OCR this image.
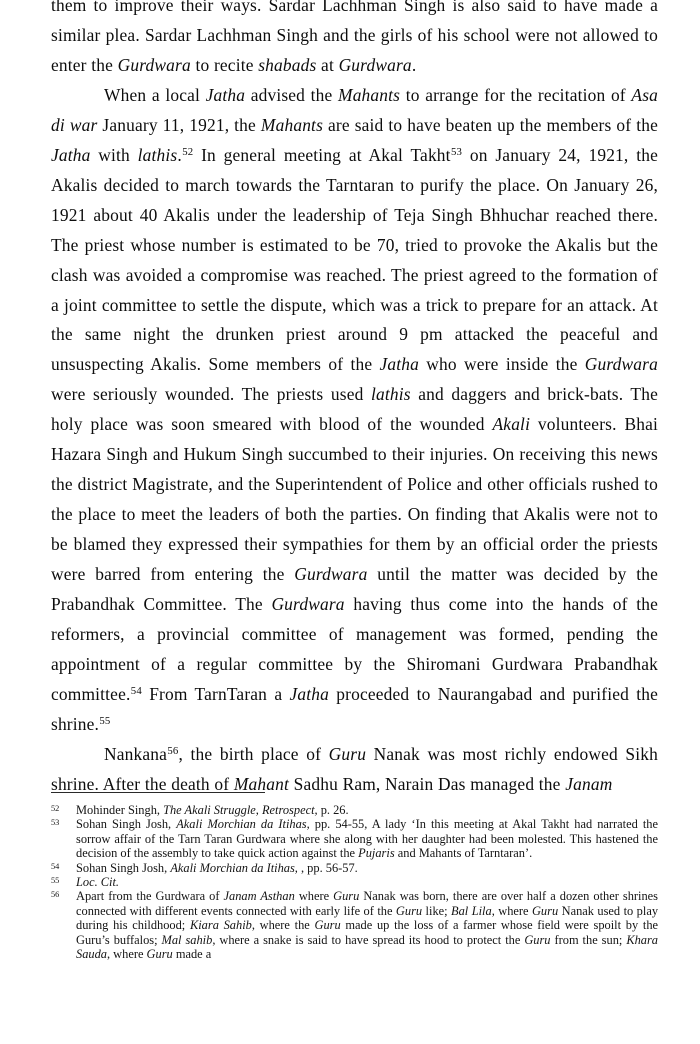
them to improve their ways. Sardar Lachhman Singh is also said to have made a similar plea. Sardar Lachhman Singh and the girls of his school were not allowed to enter the Gurdwara to recite shabads at Gurdwara.

When a local Jatha advised the Mahants to arrange for the recitation of Asa di war January 11, 1921, the Mahants are said to have beaten up the members of the Jatha with lathis.$^{52}$ In general meeting at Akal Takht$^{53}$ on January 24, 1921, the Akalis decided to march towards the Tarntaran to purify the place. On January 26, 1921 about 40 Akalis under the leadership of Teja Singh Bhhuchar reached there. The priest whose number is estimated to be 70, tried to provoke the Akalis but the clash was avoided a compromise was reached. The priest agreed to the formation of a joint committee to settle the dispute, which was a trick to prepare for an attack. At the same night the drunken priest around 9 pm attacked the peaceful and unsuspecting Akalis. Some members of the Jatha who were inside the Gurdwara were seriously wounded. The priests used lathis and daggers and brick-bats. The holy place was soon smeared with blood of the wounded Akali volunteers. Bhai Hazara Singh and Hukum Singh succumbed to their injuries. On receiving this news the district Magistrate, and the Superintendent of Police and other officials rushed to the place to meet the leaders of both the parties. On finding that Akalis were not to be blamed they expressed their sympathies for them by an official order the priests were barred from entering the Gurdwara until the matter was decided by the Prabandhak Committee. The Gurdwara having thus come into the hands of the reformers, a provincial committee of management was formed, pending the appointment of a regular committee by the Shiromani Gurdwara Prabandhak committee.$^{54}$ From TarnTaran a Jatha proceeded to Naurangabad and purified the shrine.$^{55}$

Nankana$^{56}$, the birth place of Guru Nanak was most richly endowed Sikh shrine. After the death of Mahant Sadhu Ram, Narain Das managed the Janam

52	Mohinder Singh, The Akali Struggle, Retrospect, p. 26.
53	Sohan Singh Josh, Akali Morchian da Itihas, pp. 54-55, A lady ‘In this meeting at Akal Takht had narrated the sorrow affair of the Tarn Taran Gurdwara where she along with her daughter had been molested. This hastened the decision of the assembly to take quick action against the Pujaris and Mahants of Tarntaran’.
54	Sohan Singh Josh, Akali Morchian da Itihas, , pp. 56-57.
55	Loc. Cit.
56	Apart from the Gurdwara of Janam Asthan where Guru Nanak was born, there are over half a dozen other shrines connected with different events connected with early life of the Guru like; Bal Lila, where Guru Nanak used to play during his childhood; Kiara Sahib, where the Guru made up the loss of a farmer whose field were spoilt by the Guru’s buffalos; Mal sahib, where a snake is said to have spread its hood to protect the Guru from the sun; Khara Sauda, where Guru made a
